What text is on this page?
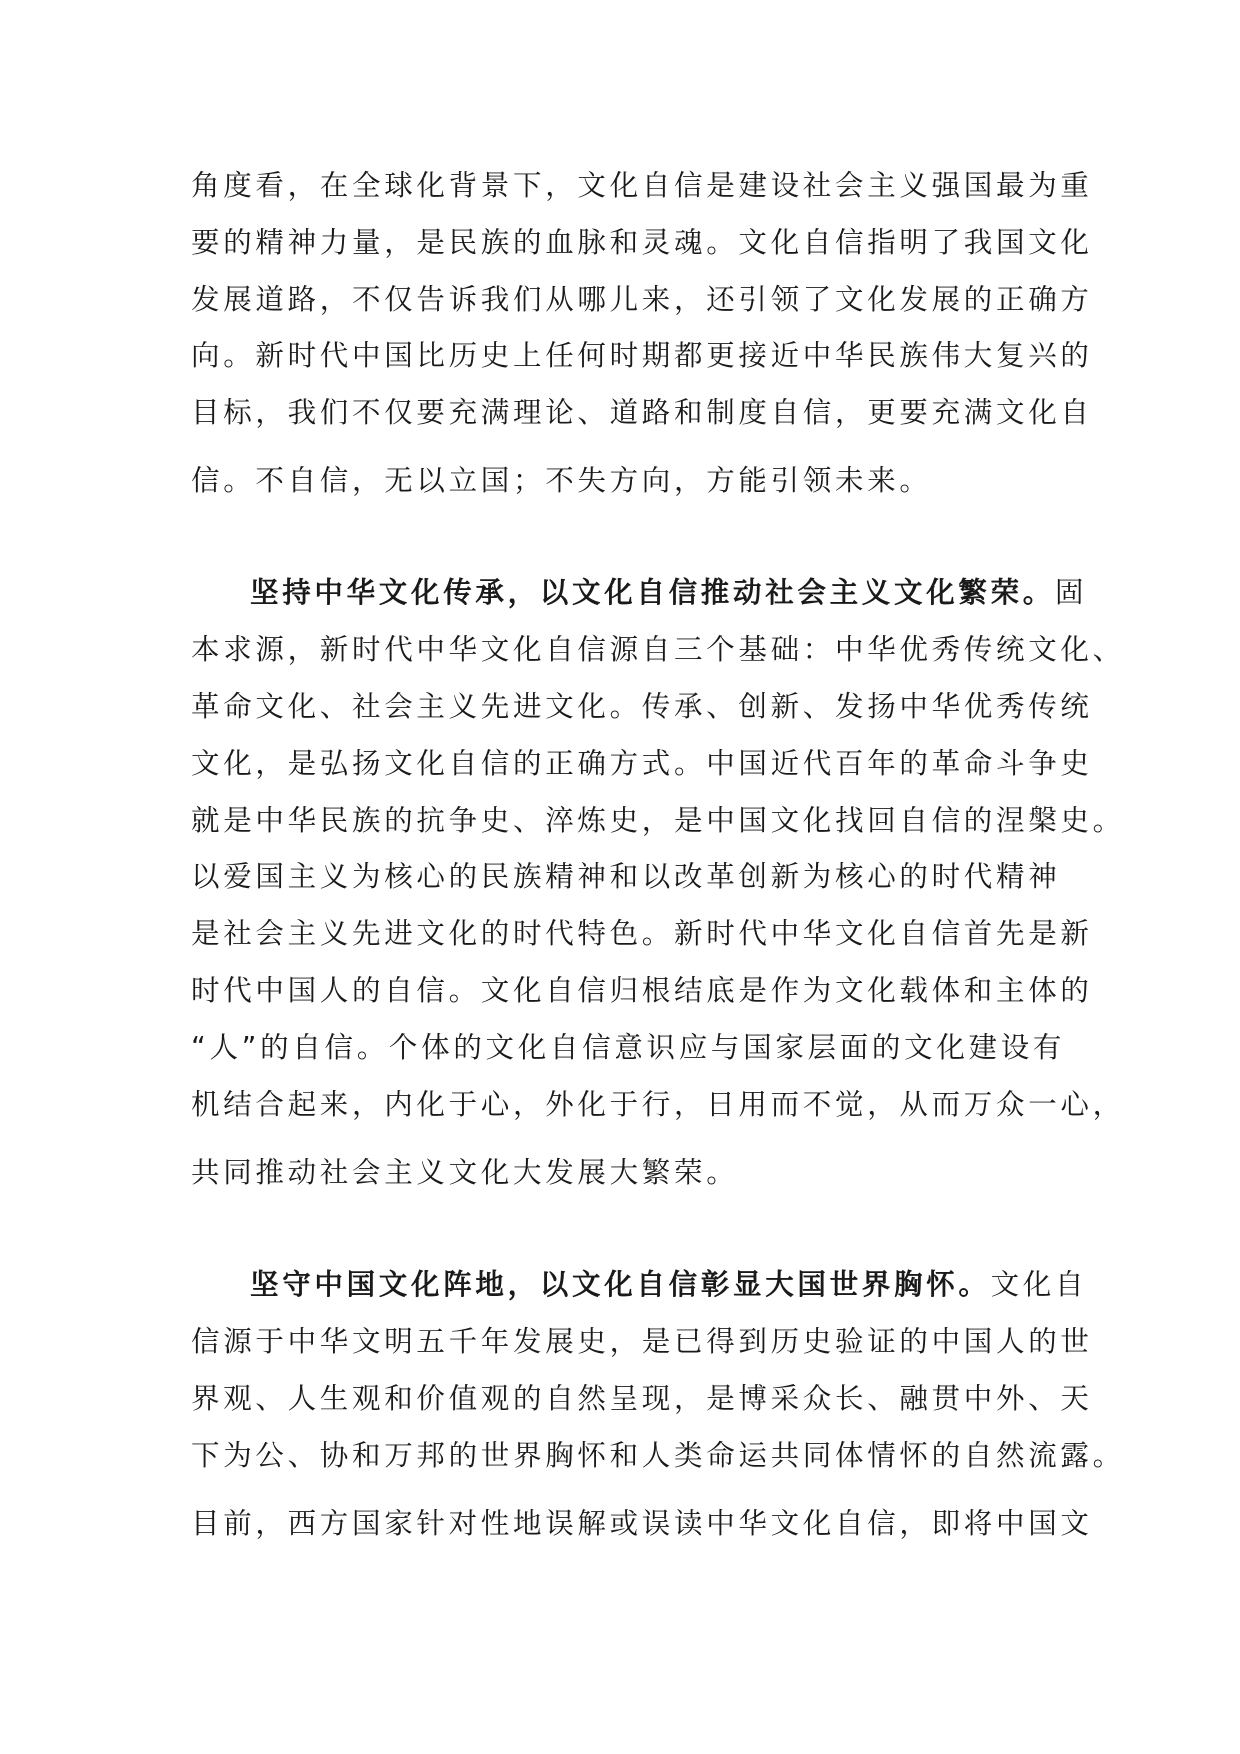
角度看，在全球化背景下，文化自信是建设社会主义强国最为重
要的精神力量，是民族的血脉和灵魂。文化自信指明了我国文化
发展道路，不仅告诉我们从哪儿来，还引领了文化发展的正确方
向。新时代中国比历史上任何时期都更接近中华民族伟大复兴的
目标，我们不仅要充满理论、道路和制度自信，更要充满文化自
信。不自信，无以立国；不失方向，方能引领未来。
坚持中华文化传承，以文化自信推动社会主义文化繁荣。固
本求源，新时代中华文化自信源自三个基础：中华优秀传统文化、
革命文化、社会主义先进文化。传承、创新、发扬中华优秀传统
文化，是弘扬文化自信的正确方式。中国近代百年的革命斗争史
就是中华民族的抗争史、淬炼史，是中国文化找回自信的涅槃史。
以爱国主义为核心的民族精神和以改革创新为核心的时代精神
是社会主义先进文化的时代特色。新时代中华文化自信首先是新
时代中国人的自信。文化自信归根结底是作为文化载体和主体的
“人”的自信。个体的文化自信意识应与国家层面的文化建设有
机结合起来，内化于心，外化于行，日用而不觉，从而万众一心，
共同推动社会主义文化大发展大繁荣。
坚守中国文化阵地，以文化自信彰显大国世界胸怀。文化自
信源于中华文明五千年发展史，是已得到历史验证的中国人的世
界观、人生观和价值观的自然呈现，是博采众长、融贯中外、天
下为公、协和万邦的世界胸怀和人类命运共同体情怀的自然流露。
目前，西方国家针对性地误解或误读中华文化自信，即将中国文
